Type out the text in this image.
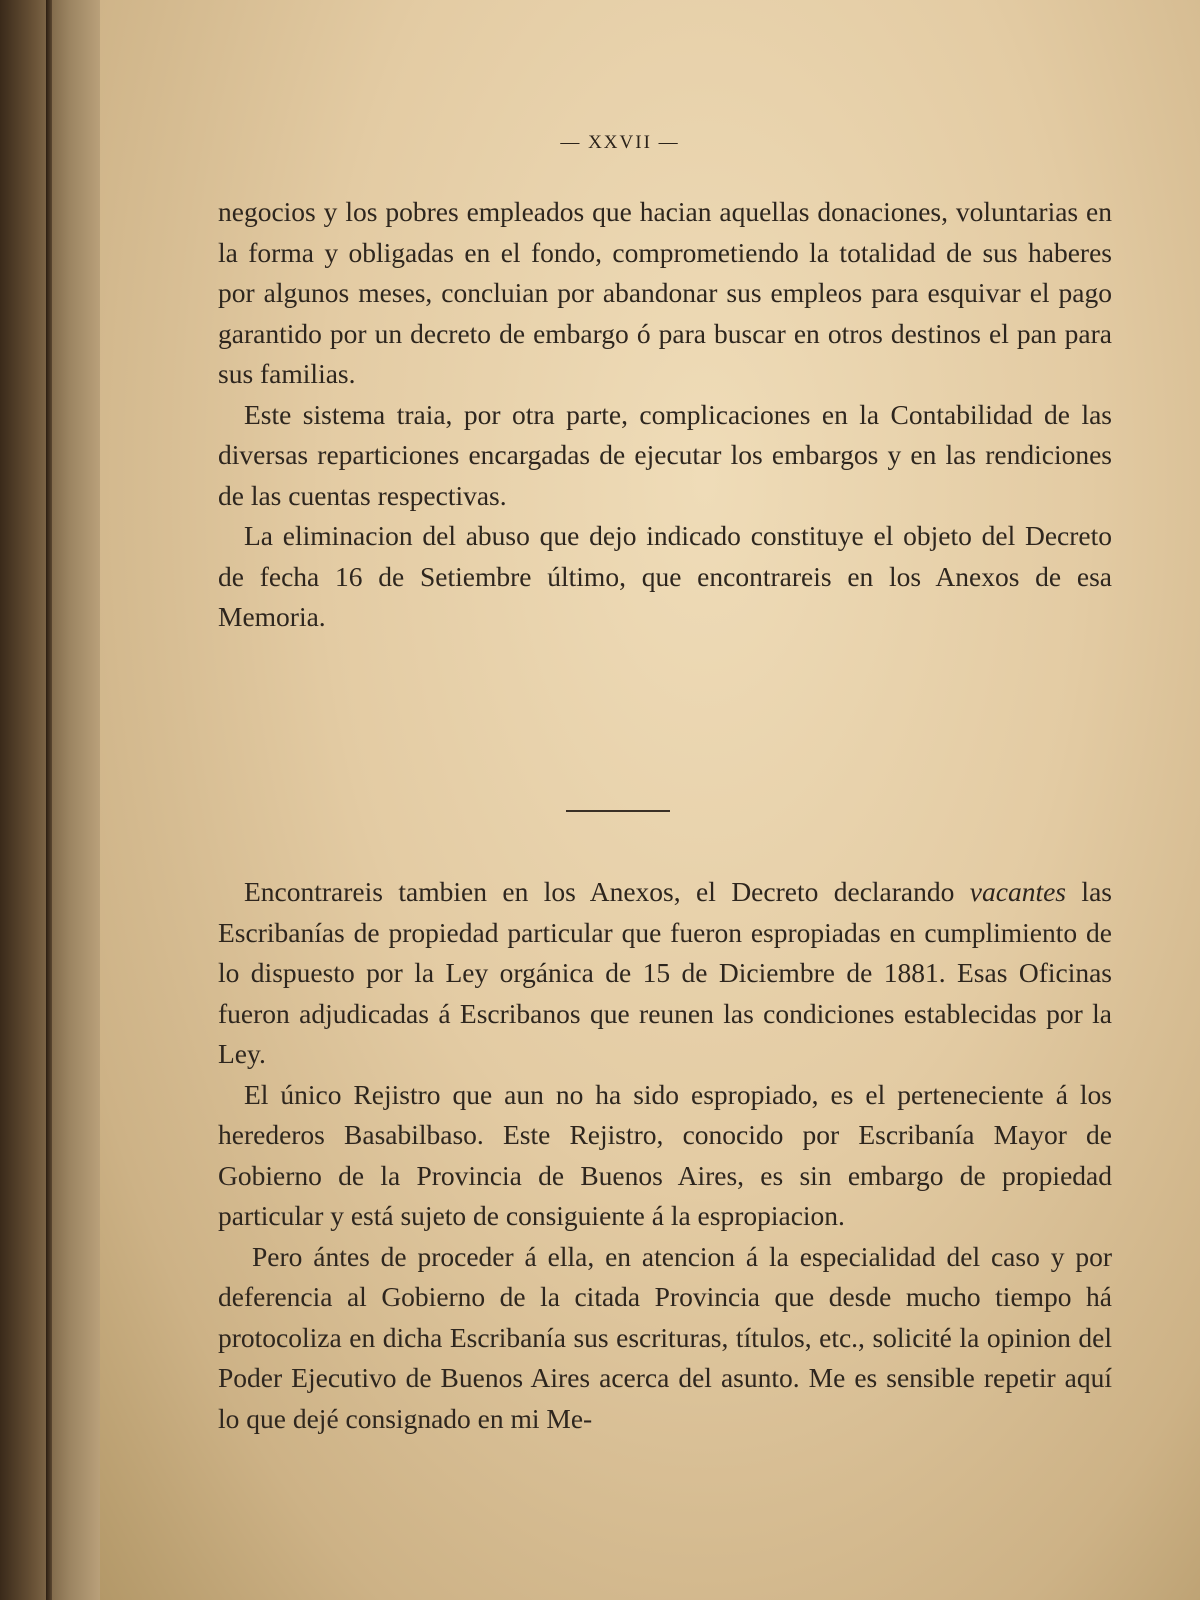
— XXVII —

negocios y los pobres empleados que hacian aquellas donaciones, voluntarias en la forma y obligadas en el fondo, comprometiendo la totalidad de sus haberes por algunos meses, concluian por abandonar sus empleos para esquivar el pago garantido por un decreto de embargo ó para buscar en otros destinos el pan para sus familias.

Este sistema traia, por otra parte, complicaciones en la Contabilidad de las diversas reparticiones encargadas de ejecutar los embargos y en las rendiciones de las cuentas respectivas.

La eliminacion del abuso que dejo indicado constituye el objeto del Decreto de fecha 16 de Setiembre último, que encontrareis en los Anexos de esa Memoria.

Encontrareis tambien en los Anexos, el Decreto declarando vacantes las Escribanías de propiedad particular que fueron espropiadas en cumplimiento de lo dispuesto por la Ley orgánica de 15 de Diciembre de 1881. Esas Oficinas fueron adjudicadas á Escribanos que reunen las condiciones establecidas por la Ley.

El único Rejistro que aun no ha sido espropiado, es el perteneciente á los herederos Basabilbaso. Este Rejistro, conocido por Escribanía Mayor de Gobierno de la Provincia de Buenos Aires, es sin embargo de propiedad particular y está sujeto de consiguiente á la espropiacion.

Pero ántes de proceder á ella, en atencion á la especialidad del caso y por deferencia al Gobierno de la citada Provincia que desde mucho tiempo há protocoliza en dicha Escribanía sus escrituras, títulos, etc., solicité la opinion del Poder Ejecutivo de Buenos Aires acerca del asunto. Me es sensible repetir aquí lo que dejé consignado en mi Me-
